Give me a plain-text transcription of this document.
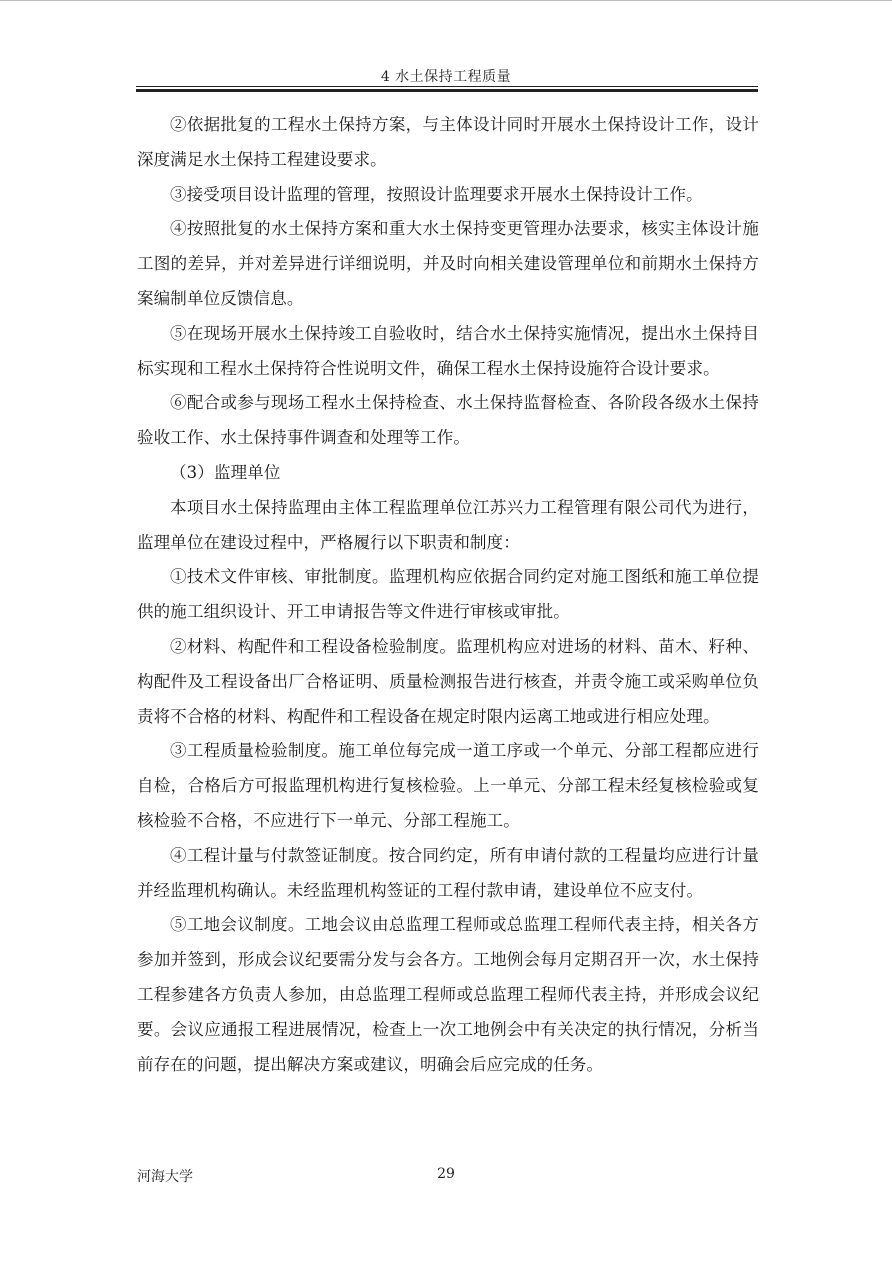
4 水土保持工程质量

②依据批复的工程水土保持方案，与主体设计同时开展水土保持设计工作，设计深度满足水土保持工程建设要求。

③接受项目设计监理的管理，按照设计监理要求开展水土保持设计工作。

④按照批复的水土保持方案和重大水土保持变更管理办法要求，核实主体设计施工图的差异，并对差异进行详细说明，并及时向相关建设管理单位和前期水土保持方案编制单位反馈信息。

⑤在现场开展水土保持竣工自验收时，结合水土保持实施情况，提出水土保持目标实现和工程水土保持符合性说明文件，确保工程水土保持设施符合设计要求。

⑥配合或参与现场工程水土保持检查、水土保持监督检查、各阶段各级水土保持验收工作、水土保持事件调查和处理等工作。

（3）监理单位

本项目水土保持监理由主体工程监理单位江苏兴力工程管理有限公司代为进行，监理单位在建设过程中，严格履行以下职责和制度：

①技术文件审核、审批制度。监理机构应依据合同约定对施工图纸和施工单位提供的施工组织设计、开工申请报告等文件进行审核或审批。

②材料、构配件和工程设备检验制度。监理机构应对进场的材料、苗木、籽种、构配件及工程设备出厂合格证明、质量检测报告进行核查，并责令施工或采购单位负责将不合格的材料、构配件和工程设备在规定时限内运离工地或进行相应处理。

③工程质量检验制度。施工单位每完成一道工序或一个单元、分部工程都应进行自检，合格后方可报监理机构进行复核检验。上一单元、分部工程未经复核检验或复核检验不合格，不应进行下一单元、分部工程施工。

④工程计量与付款签证制度。按合同约定，所有申请付款的工程量均应进行计量并经监理机构确认。未经监理机构签证的工程付款申请，建设单位不应支付。

⑤工地会议制度。工地会议由总监理工程师或总监理工程师代表主持，相关各方参加并签到，形成会议纪要需分发与会各方。工地例会每月定期召开一次，水土保持工程参建各方负责人参加，由总监理工程师或总监理工程师代表主持，并形成会议纪要。会议应通报工程进展情况，检查上一次工地例会中有关决定的执行情况，分析当前存在的问题，提出解决方案或建议，明确会后应完成的任务。

河海大学	29
